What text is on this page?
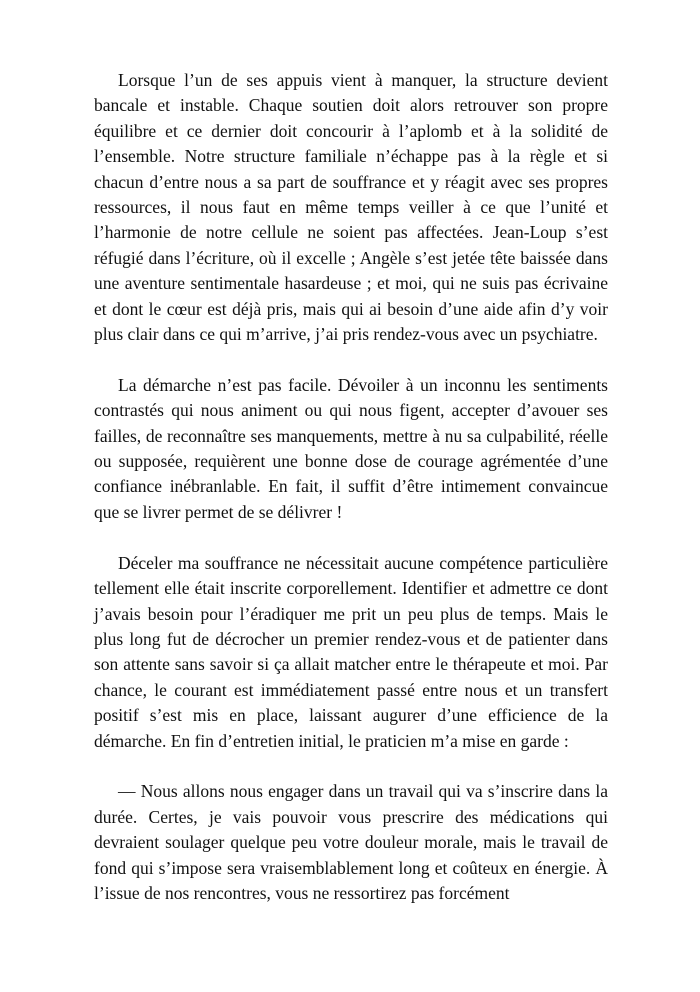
Lorsque l’un de ses appuis vient à manquer, la structure devient bancale et instable. Chaque soutien doit alors retrouver son propre équilibre et ce dernier doit concourir à l’aplomb et à la solidité de l’ensemble. Notre structure familiale n’échappe pas à la règle et si chacun d’entre nous a sa part de souffrance et y réagit avec ses propres ressources, il nous faut en même temps veiller à ce que l’unité et l’harmonie de notre cellule ne soient pas affectées. Jean-Loup s’est réfugié dans l’écriture, où il excelle ; Angèle s’est jetée tête baissée dans une aventure sentimentale hasardeuse ; et moi, qui ne suis pas écrivaine et dont le cœur est déjà pris, mais qui ai besoin d’une aide afin d’y voir plus clair dans ce qui m’arrive, j’ai pris rendez-vous avec un psychiatre.

La démarche n’est pas facile. Dévoiler à un inconnu les sentiments contrastés qui nous animent ou qui nous figent, accepter d’avouer ses failles, de reconnaître ses manquements, mettre à nu sa culpabilité, réelle ou supposée, requièrent une bonne dose de courage agrémentée d’une confiance inébranlable. En fait, il suffit d’être intimement convaincue que se livrer permet de se délivrer !

Déceler ma souffrance ne nécessitait aucune compétence particulière tellement elle était inscrite corporellement. Identifier et admettre ce dont j’avais besoin pour l’éradiquer me prit un peu plus de temps. Mais le plus long fut de décrocher un premier rendez-vous et de patienter dans son attente sans savoir si ça allait matcher entre le thérapeute et moi. Par chance, le courant est immédiatement passé entre nous et un transfert positif s’est mis en place, laissant augurer d’une efficience de la démarche. En fin d’entretien initial, le praticien m’a mise en garde :

— Nous allons nous engager dans un travail qui va s’inscrire dans la durée. Certes, je vais pouvoir vous prescrire des médications qui devraient soulager quelque peu votre douleur morale, mais le travail de fond qui s’impose sera vraisemblablement long et coûteux en énergie. À l’issue de nos rencontres, vous ne ressortirez pas forcément
